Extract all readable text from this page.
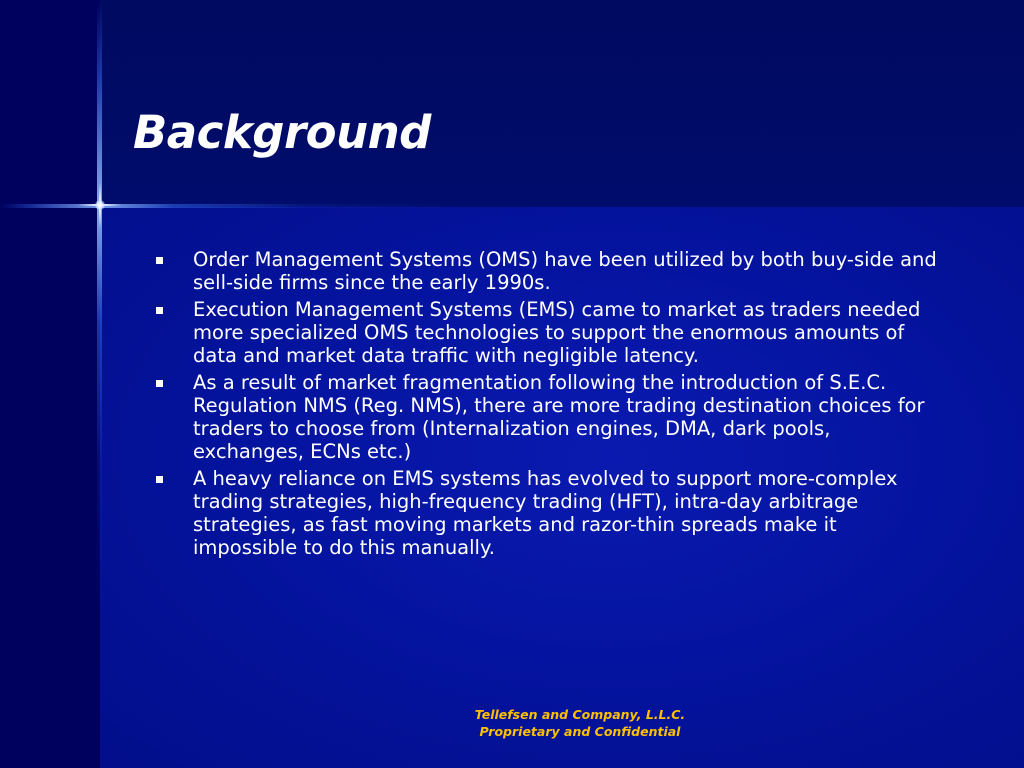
Background
Order Management Systems (OMS) have been utilized by both buy-side and sell-side firms since the early 1990s.
Execution Management Systems (EMS) came to market as traders needed more specialized OMS technologies to support the enormous amounts of data and market data traffic with negligible latency.
As a result of market fragmentation following the introduction of S.E.C. Regulation NMS (Reg. NMS), there are more trading destination choices for traders to choose from (Internalization engines, DMA, dark pools, exchanges, ECNs etc.)
A heavy reliance on EMS systems has evolved to support more-complex trading strategies, high-frequency trading (HFT), intra-day arbitrage strategies, as fast moving markets and razor-thin spreads make it impossible to do this manually.
Tellefsen and Company, L.L.C.
Proprietary and Confidential
